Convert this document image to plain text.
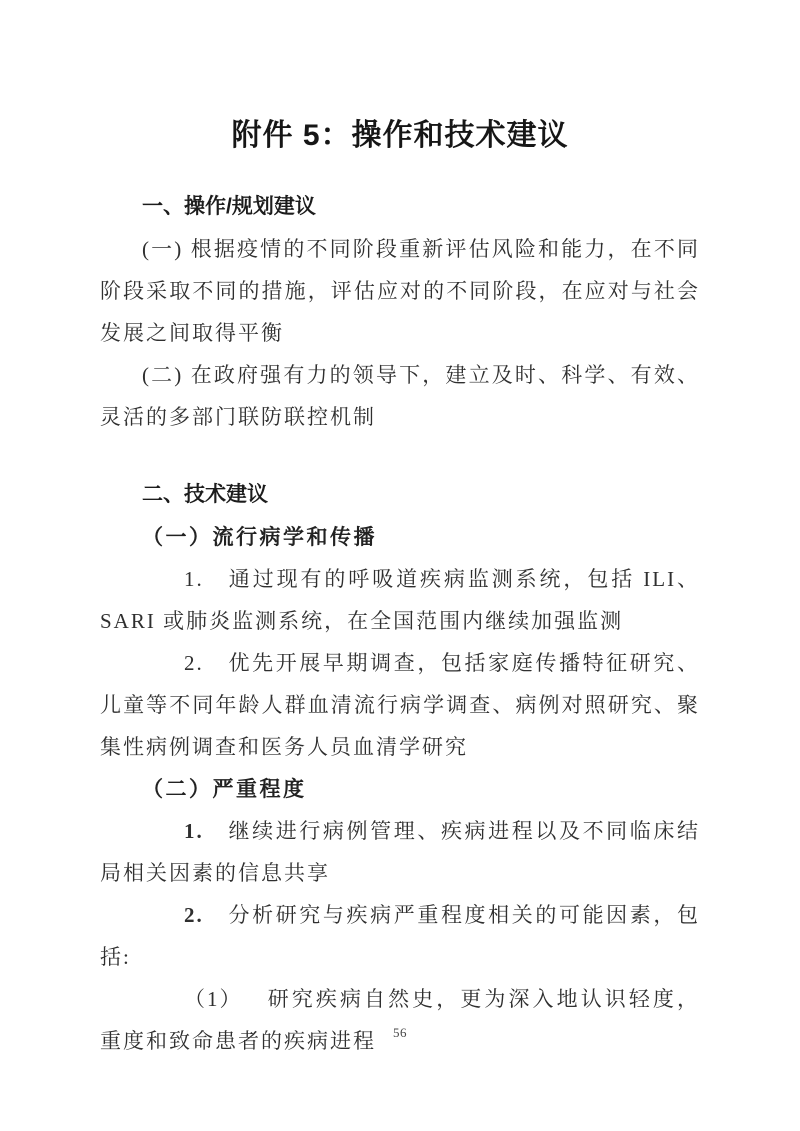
附件 5：操作和技术建议
一、操作/规划建议

(一) 根据疫情的不同阶段重新评估风险和能力，在不同阶段采取不同的措施，评估应对的不同阶段，在应对与社会发展之间取得平衡

(二) 在政府强有力的领导下，建立及时、科学、有效、灵活的多部门联防联控机制

二、技术建议
（一）流行病学和传播

1. 通过现有的呼吸道疾病监测系统，包括 ILI、SARI 或肺炎监测系统，在全国范围内继续加强监测

2. 优先开展早期调查，包括家庭传播特征研究、儿童等不同年龄人群血清流行病学调查、病例对照研究、聚集性病例调查和医务人员血清学研究

（二）严重程度

1. 继续进行病例管理、疾病进程以及不同临床结局相关因素的信息共享

2. 分析研究与疾病严重程度相关的可能因素，包括:

（1） 研究疾病自然史，更为深入地认识轻度，重度和致命患者的疾病进程	56
